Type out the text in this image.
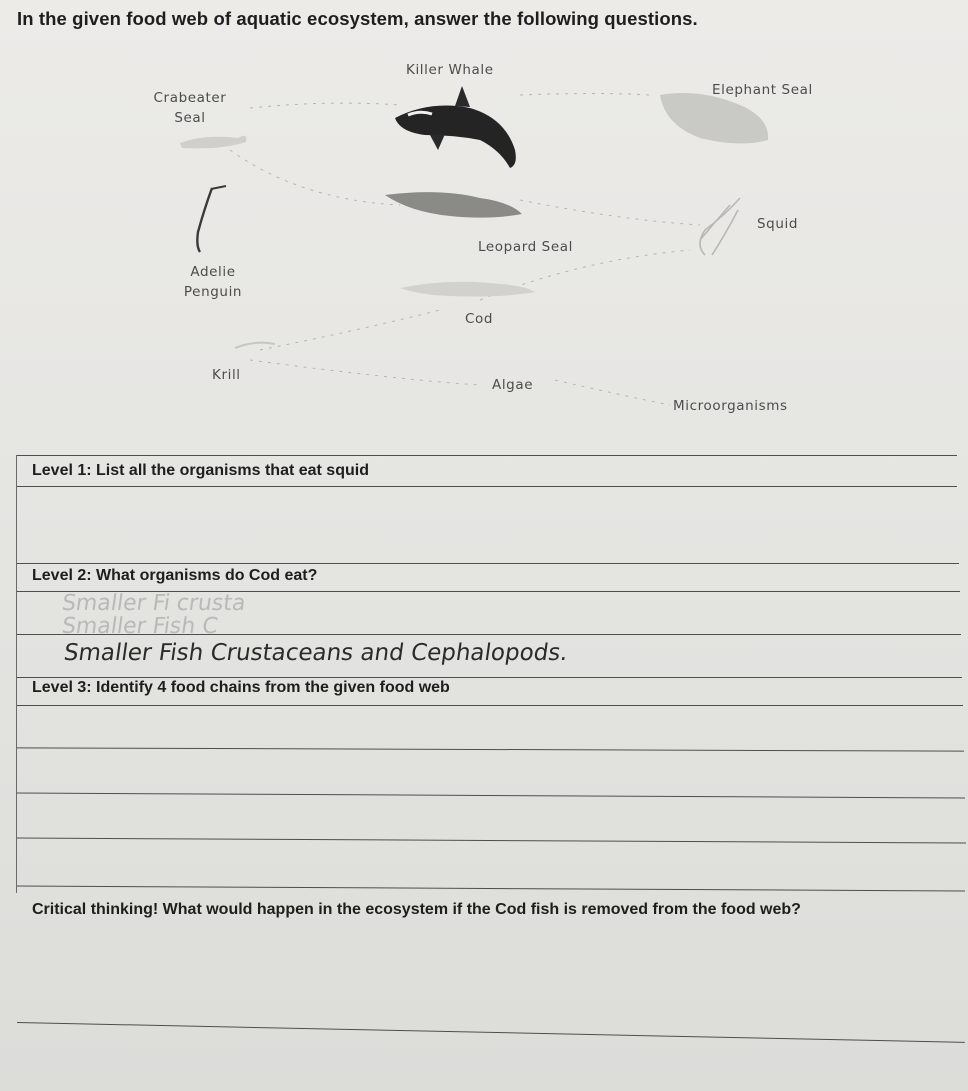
In the given food web of aquatic ecosystem, answer the following questions.
Killer Whale
Crabeater
Seal
Elephant Seal
Squid
Leopard Seal
Adelie
Penguin
Cod
Krill
Algae
Microorganisms
Level 1: List all the organisms that eat squid
Level 2: What organisms do Cod eat?
Smaller Fi crusta
Smaller Fish C
Smaller Fish Crustaceans and Cephalopods.
Level 3: Identify 4 food chains from the given food web
Critical thinking! What would happen in the ecosystem if the Cod fish is removed from the food web?
